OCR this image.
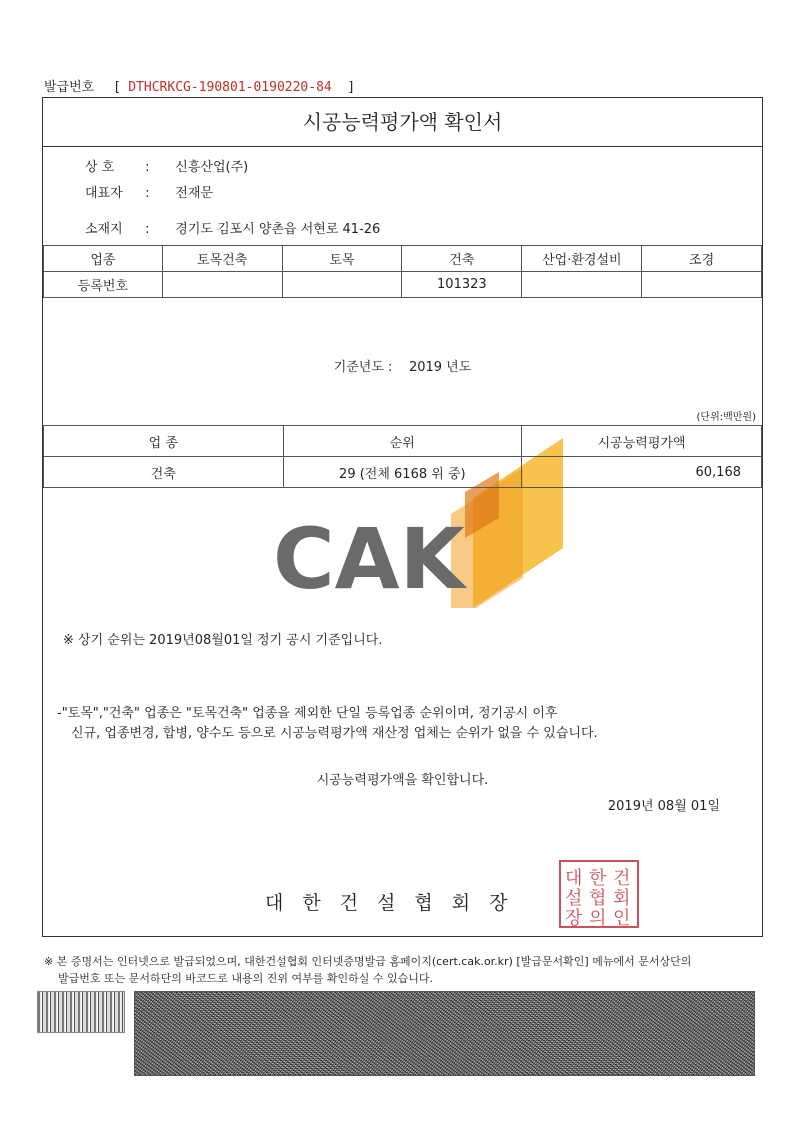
발급번호 [ DTHCRKCG-190801-0190220-84 ]
시공능력평가액 확인서
상 호 : 신흥산업(주)
대표자 : 전재문
소재지 : 경기도 김포시 양촌읍 서현로 41-26
업종	토목건축	토목	건축	산업·환경설비	조경
등록번호			101323		
기준년도 : 2019 년도
(단위:백만원)
CAK
업 종	순위	시공능력평가액
건축	29 (전체 6168 위 중)	60,168
※ 상기 순위는 2019년08월01일 정기 공시 기준입니다.
-"토목","건축" 업종은 "토목건축" 업종을 제외한 단일 등록업종 순위이며, 정기공시 이후
신규, 업종변경, 합병, 양수도 등으로 시공능력평가액 재산정 업체는 순위가 없을 수 있습니다.
시공능력평가액을 확인합니다.
2019년 08월 01일
대한건설협회장
대 한 건
설 협 회
장 의 인
※ 본 증명서는 인터넷으로 발급되었으며, 대한건설협회 인터넷증명발급 홈페이지(cert.cak.or.kr) [발급문서확인] 메뉴에서 문서상단의
발급번호 또는 문서하단의 바코드로 내용의 진위 여부를 확인하실 수 있습니다.
